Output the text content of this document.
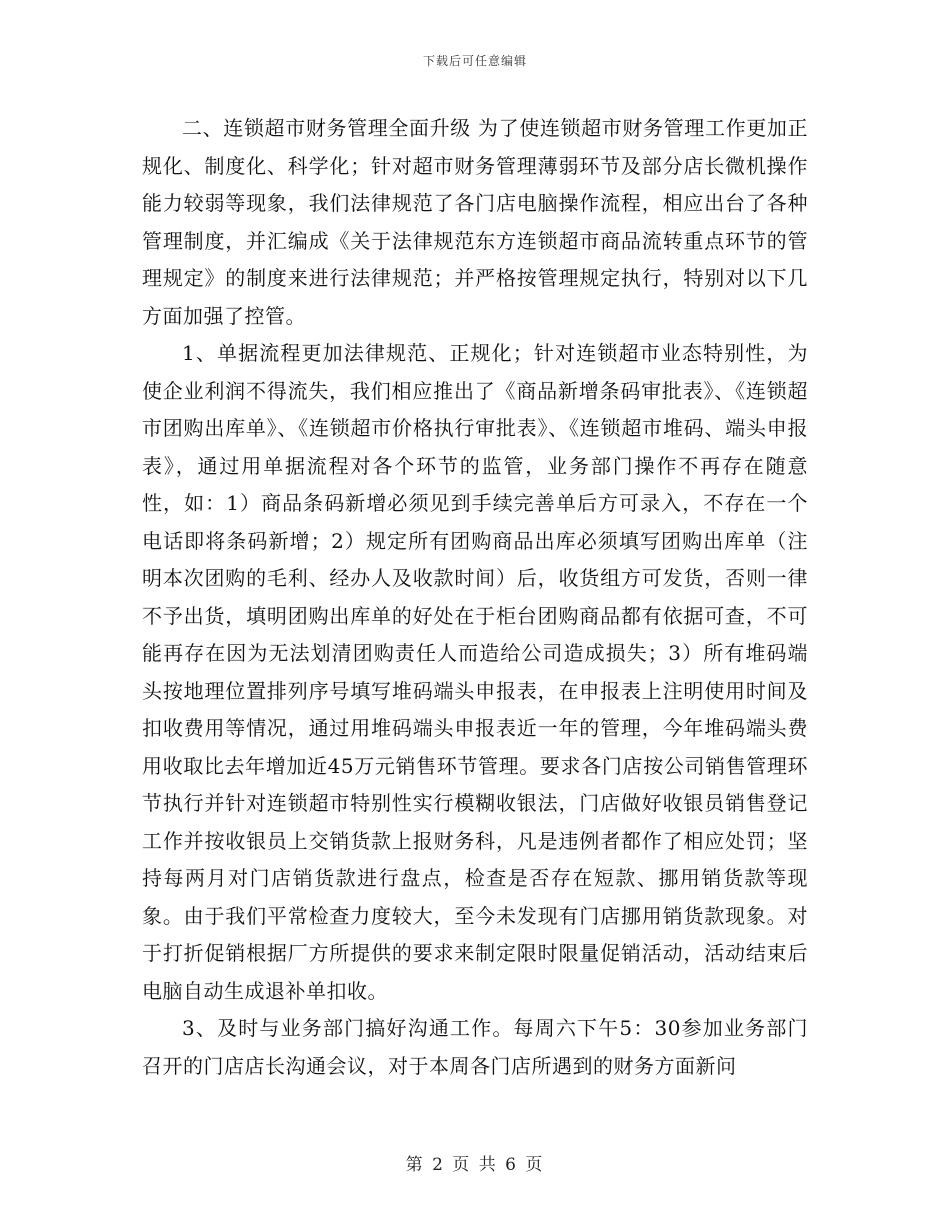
下载后可任意编辑

二、连锁超市财务管理全面升级 为了使连锁超市财务管理工作更加正规化、制度化、科学化；针对超市财务管理薄弱环节及部分店长微机操作能力较弱等现象，我们法律规范了各门店电脑操作流程，相应出台了各种管理制度，并汇编成《关于法律规范东方连锁超市商品流转重点环节的管理规定》的制度来进行法律规范；并严格按管理规定执行，特别对以下几方面加强了控管。

1、单据流程更加法律规范、正规化；针对连锁超市业态特别性，为使企业利润不得流失，我们相应推出了《商品新增条码审批表》、《连锁超市团购出库单》、《连锁超市价格执行审批表》、《连锁超市堆码、端头申报表》，通过用单据流程对各个环节的监管，业务部门操作不再存在随意性，如：1）商品条码新增必须见到手续完善单后方可录入，不存在一个电话即将条码新增；2）规定所有团购商品出库必须填写团购出库单（注明本次团购的毛利、经办人及收款时间）后，收货组方可发货，否则一律不予出货，填明团购出库单的好处在于柜台团购商品都有依据可查，不可能再存在因为无法划清团购责任人而造给公司造成损失；3）所有堆码端头按地理位置排列序号填写堆码端头申报表，在申报表上注明使用时间及扣收费用等情况，通过用堆码端头申报表近一年的管理，今年堆码端头费用收取比去年增加近45万元销售环节管理。要求各门店按公司销售管理环节执行并针对连锁超市特别性实行模糊收银法，门店做好收银员销售登记工作并按收银员上交销货款上报财务科，凡是违例者都作了相应处罚；坚持每两月对门店销货款进行盘点，检查是否存在短款、挪用销货款等现象。由于我们平常检查力度较大，至今未发现有门店挪用销货款现象。对于打折促销根据厂方所提供的要求来制定限时限量促销活动，活动结束后电脑自动生成退补单扣收。

3、及时与业务部门搞好沟通工作。每周六下午5：30参加业务部门召开的门店店长沟通会议，对于本周各门店所遇到的财务方面新问

第 2 页 共 6 页
